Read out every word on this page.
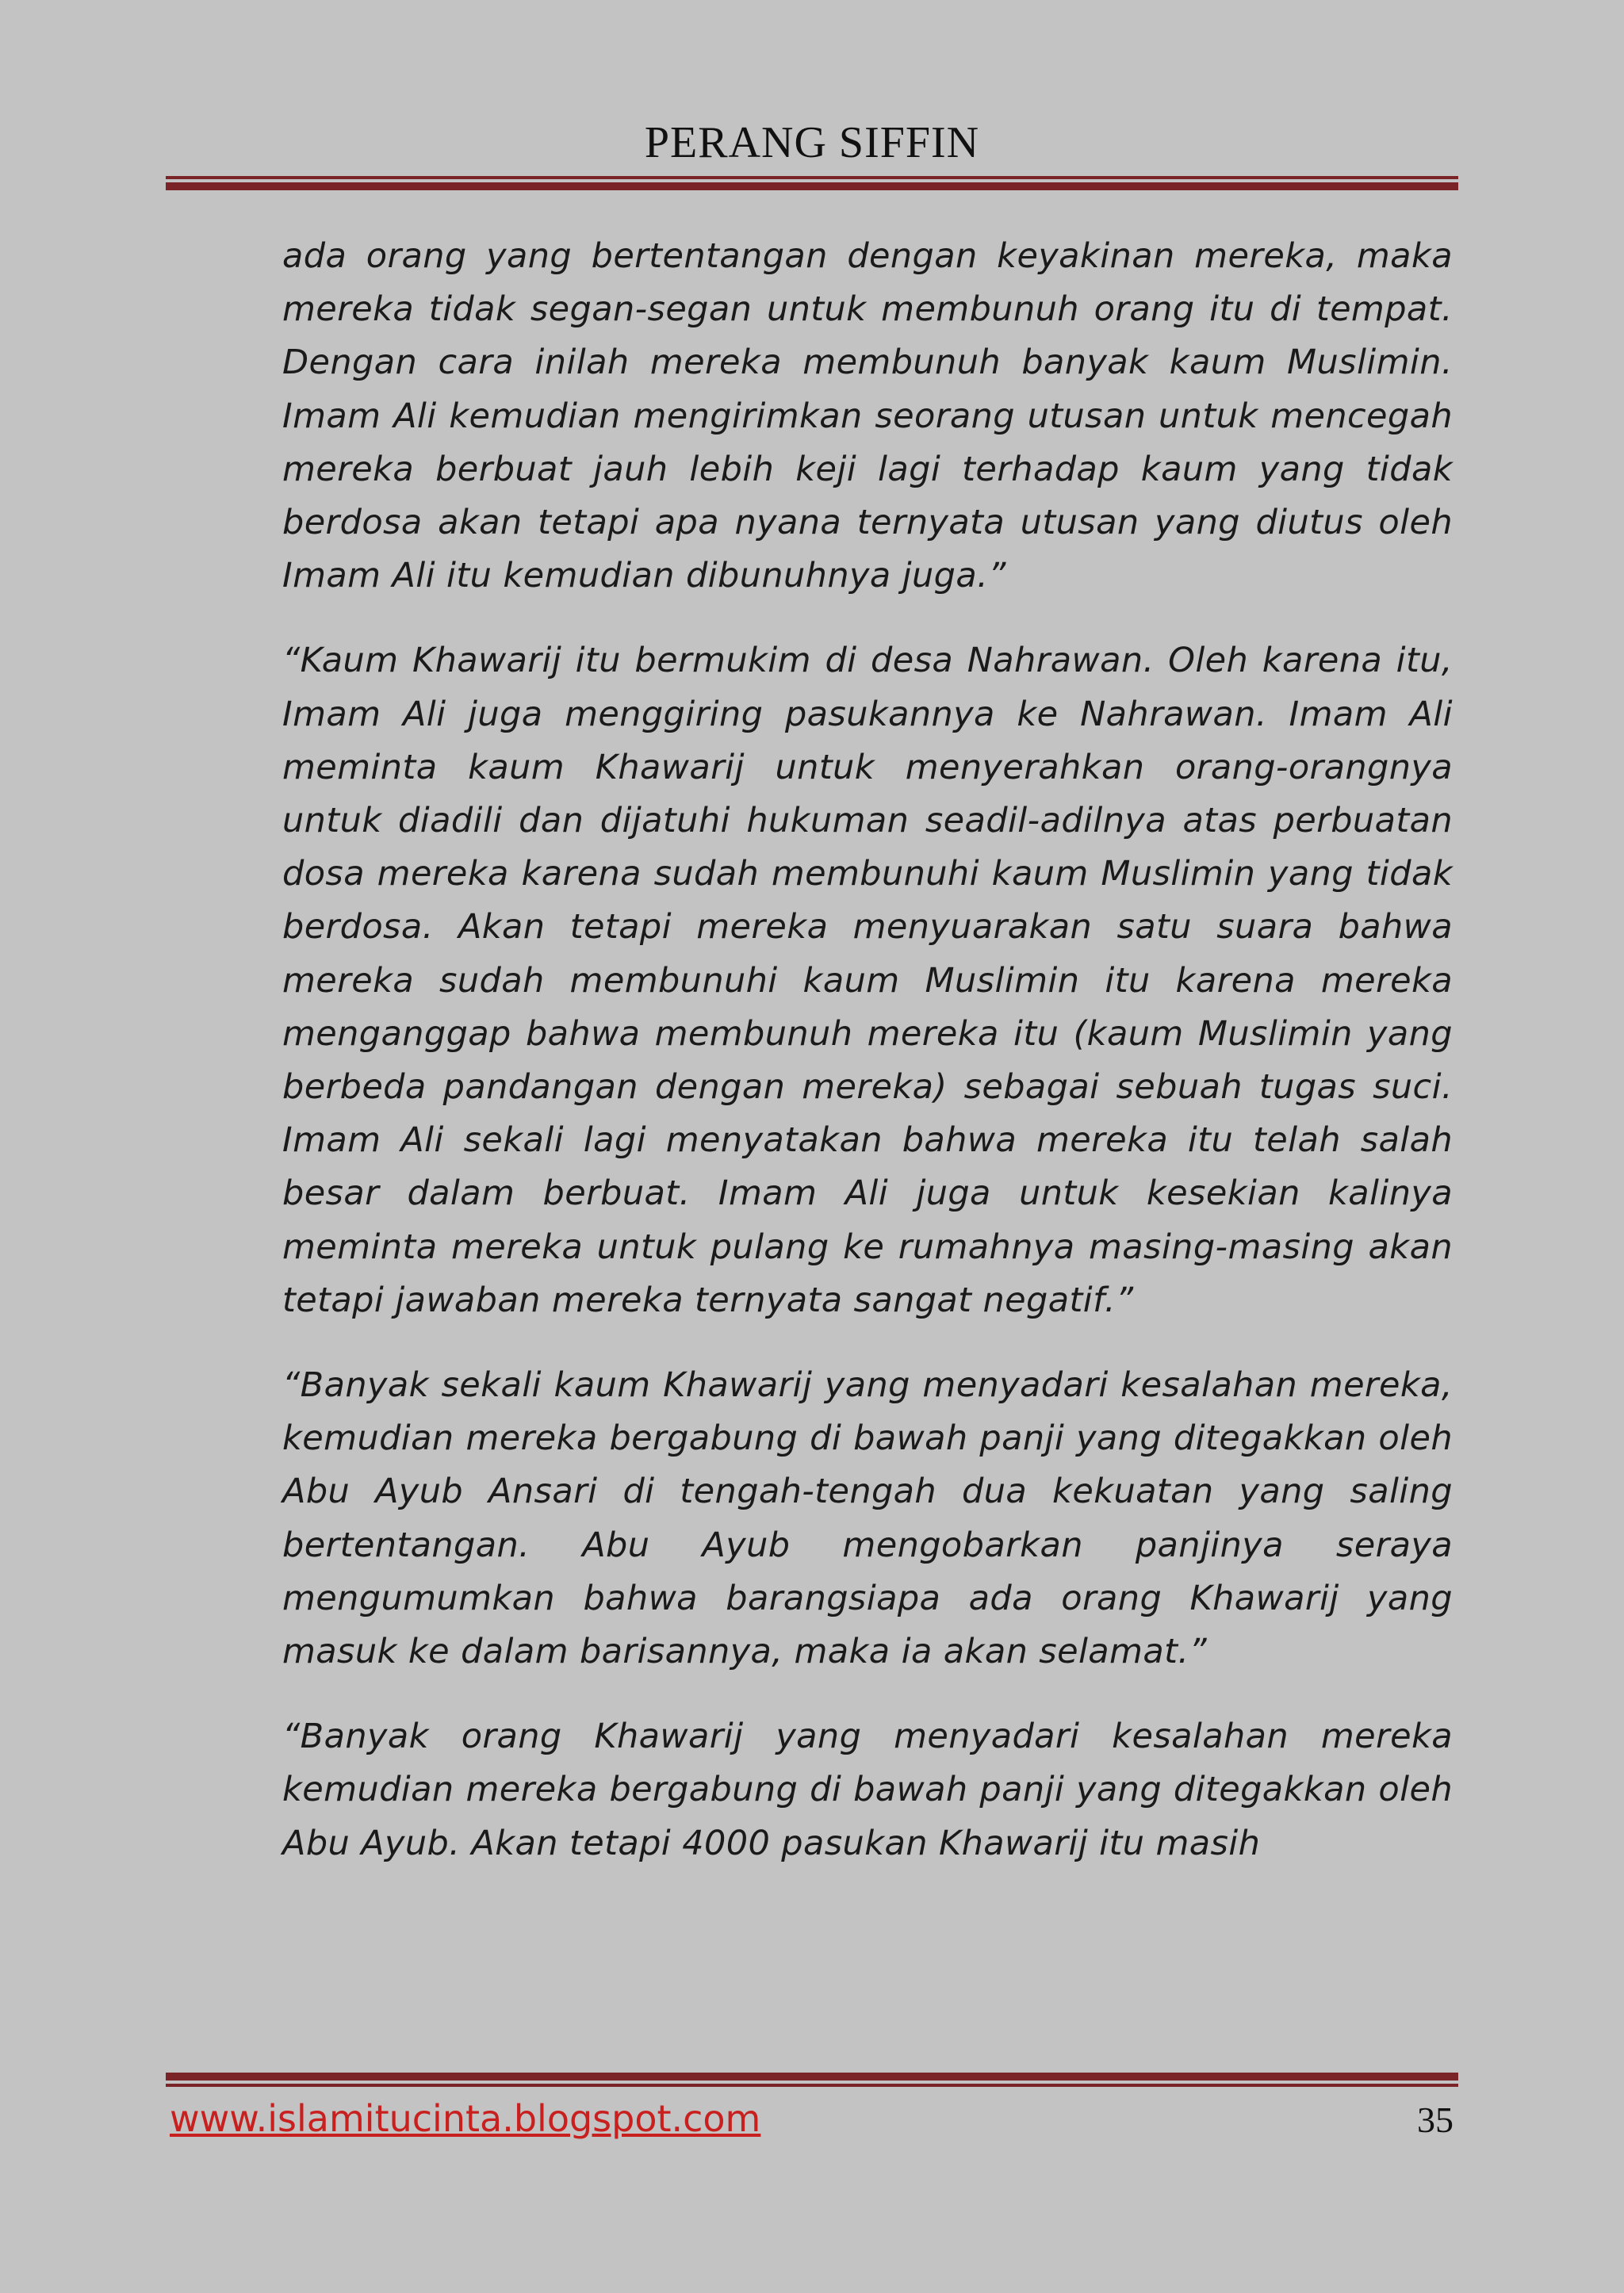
PERANG SIFFIN

ada orang yang bertentangan dengan keyakinan mereka, maka mereka tidak segan-segan untuk membunuh orang itu di tempat. Dengan cara inilah mereka membunuh banyak kaum Muslimin. Imam Ali kemudian mengirimkan seorang utusan untuk mencegah mereka berbuat jauh lebih keji lagi terhadap kaum yang tidak berdosa akan tetapi apa nyana ternyata utusan yang diutus oleh Imam Ali itu kemudian dibunuhnya juga.”

“Kaum Khawarij itu bermukim di desa Nahrawan. Oleh karena itu, Imam Ali juga menggiring pasukannya ke Nahrawan. Imam Ali meminta kaum Khawarij untuk menyerahkan orang-orangnya untuk diadili dan dijatuhi hukuman seadil-adilnya atas perbuatan dosa mereka karena sudah membunuhi kaum Muslimin yang tidak berdosa. Akan tetapi mereka menyuarakan satu suara bahwa mereka sudah membunuhi kaum Muslimin itu karena mereka menganggap bahwa membunuh mereka itu (kaum Muslimin yang berbeda pandangan dengan mereka) sebagai sebuah tugas suci. Imam Ali sekali lagi menyatakan bahwa mereka itu telah salah besar dalam berbuat. Imam Ali juga untuk kesekian kalinya meminta mereka untuk pulang ke rumahnya masing-masing akan tetapi jawaban mereka ternyata sangat negatif.”

“Banyak sekali kaum Khawarij yang menyadari kesalahan mereka, kemudian mereka bergabung di bawah panji yang ditegakkan oleh Abu Ayub Ansari di tengah-tengah dua kekuatan yang saling bertentangan. Abu Ayub mengobarkan panjinya seraya mengumumkan bahwa barangsiapa ada orang Khawarij yang masuk ke dalam barisannya, maka ia akan selamat.”

“Banyak orang Khawarij yang menyadari kesalahan mereka kemudian mereka bergabung di bawah panji yang ditegakkan oleh Abu Ayub. Akan tetapi 4000 pasukan Khawarij itu masih

www.islamitucinta.blogspot.com	35
